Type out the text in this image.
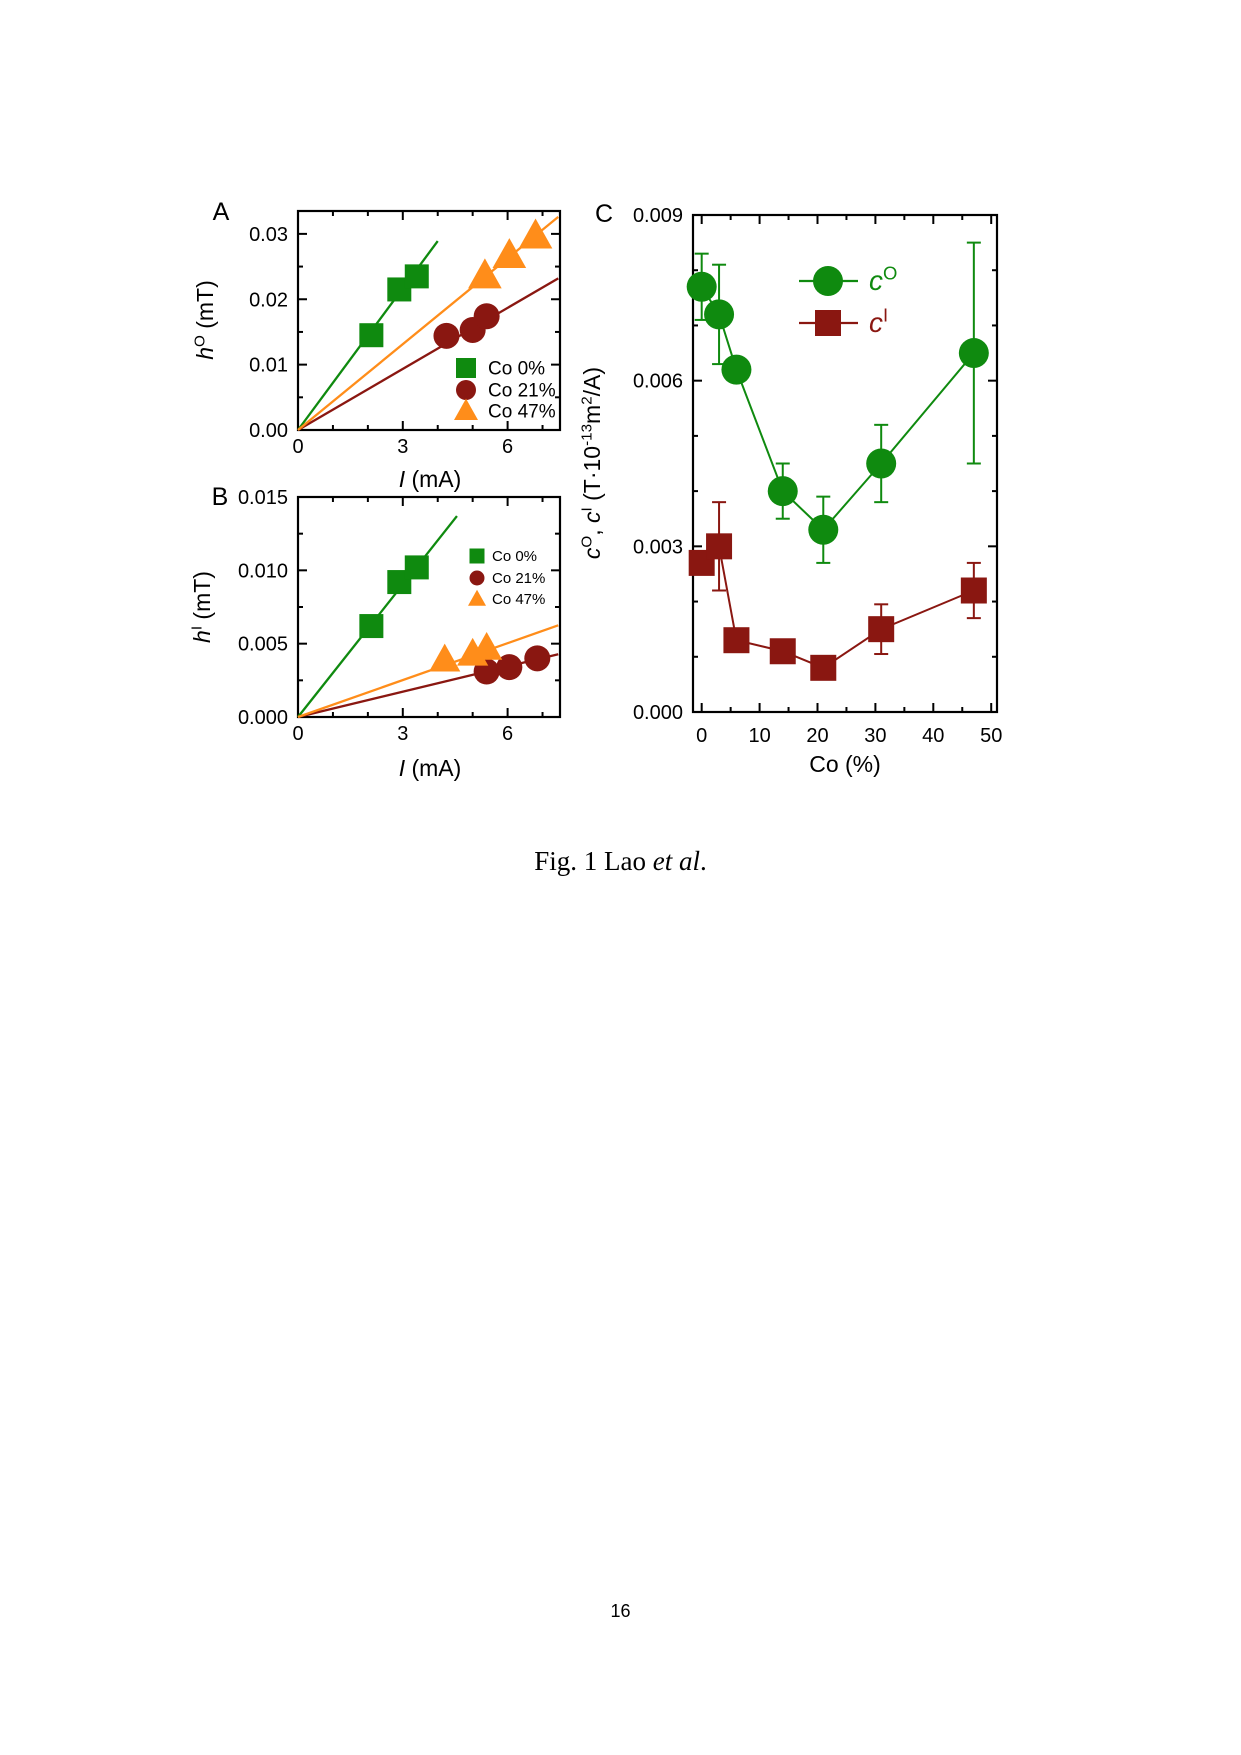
0	3	6
0.00
0.01
0.02
0.03
I (mA)
$h^O$ (mT)
A
Co 0%
Co 21%
Co 47%
0	3	6
0.000
0.005
0.010
0.015
I (mA)
$h^I$ (mT)
B
Co 0%
Co 21%
Co 47%
0 10 20 30 40 50
0.000
0.003
0.006
0.009
Co (%)
$c^O$, $c^I$ $(T\cdot 10^{-13}m^2/A)$
C
$c^O$
$c^I$
Fig. 1 Lao et al.
16
